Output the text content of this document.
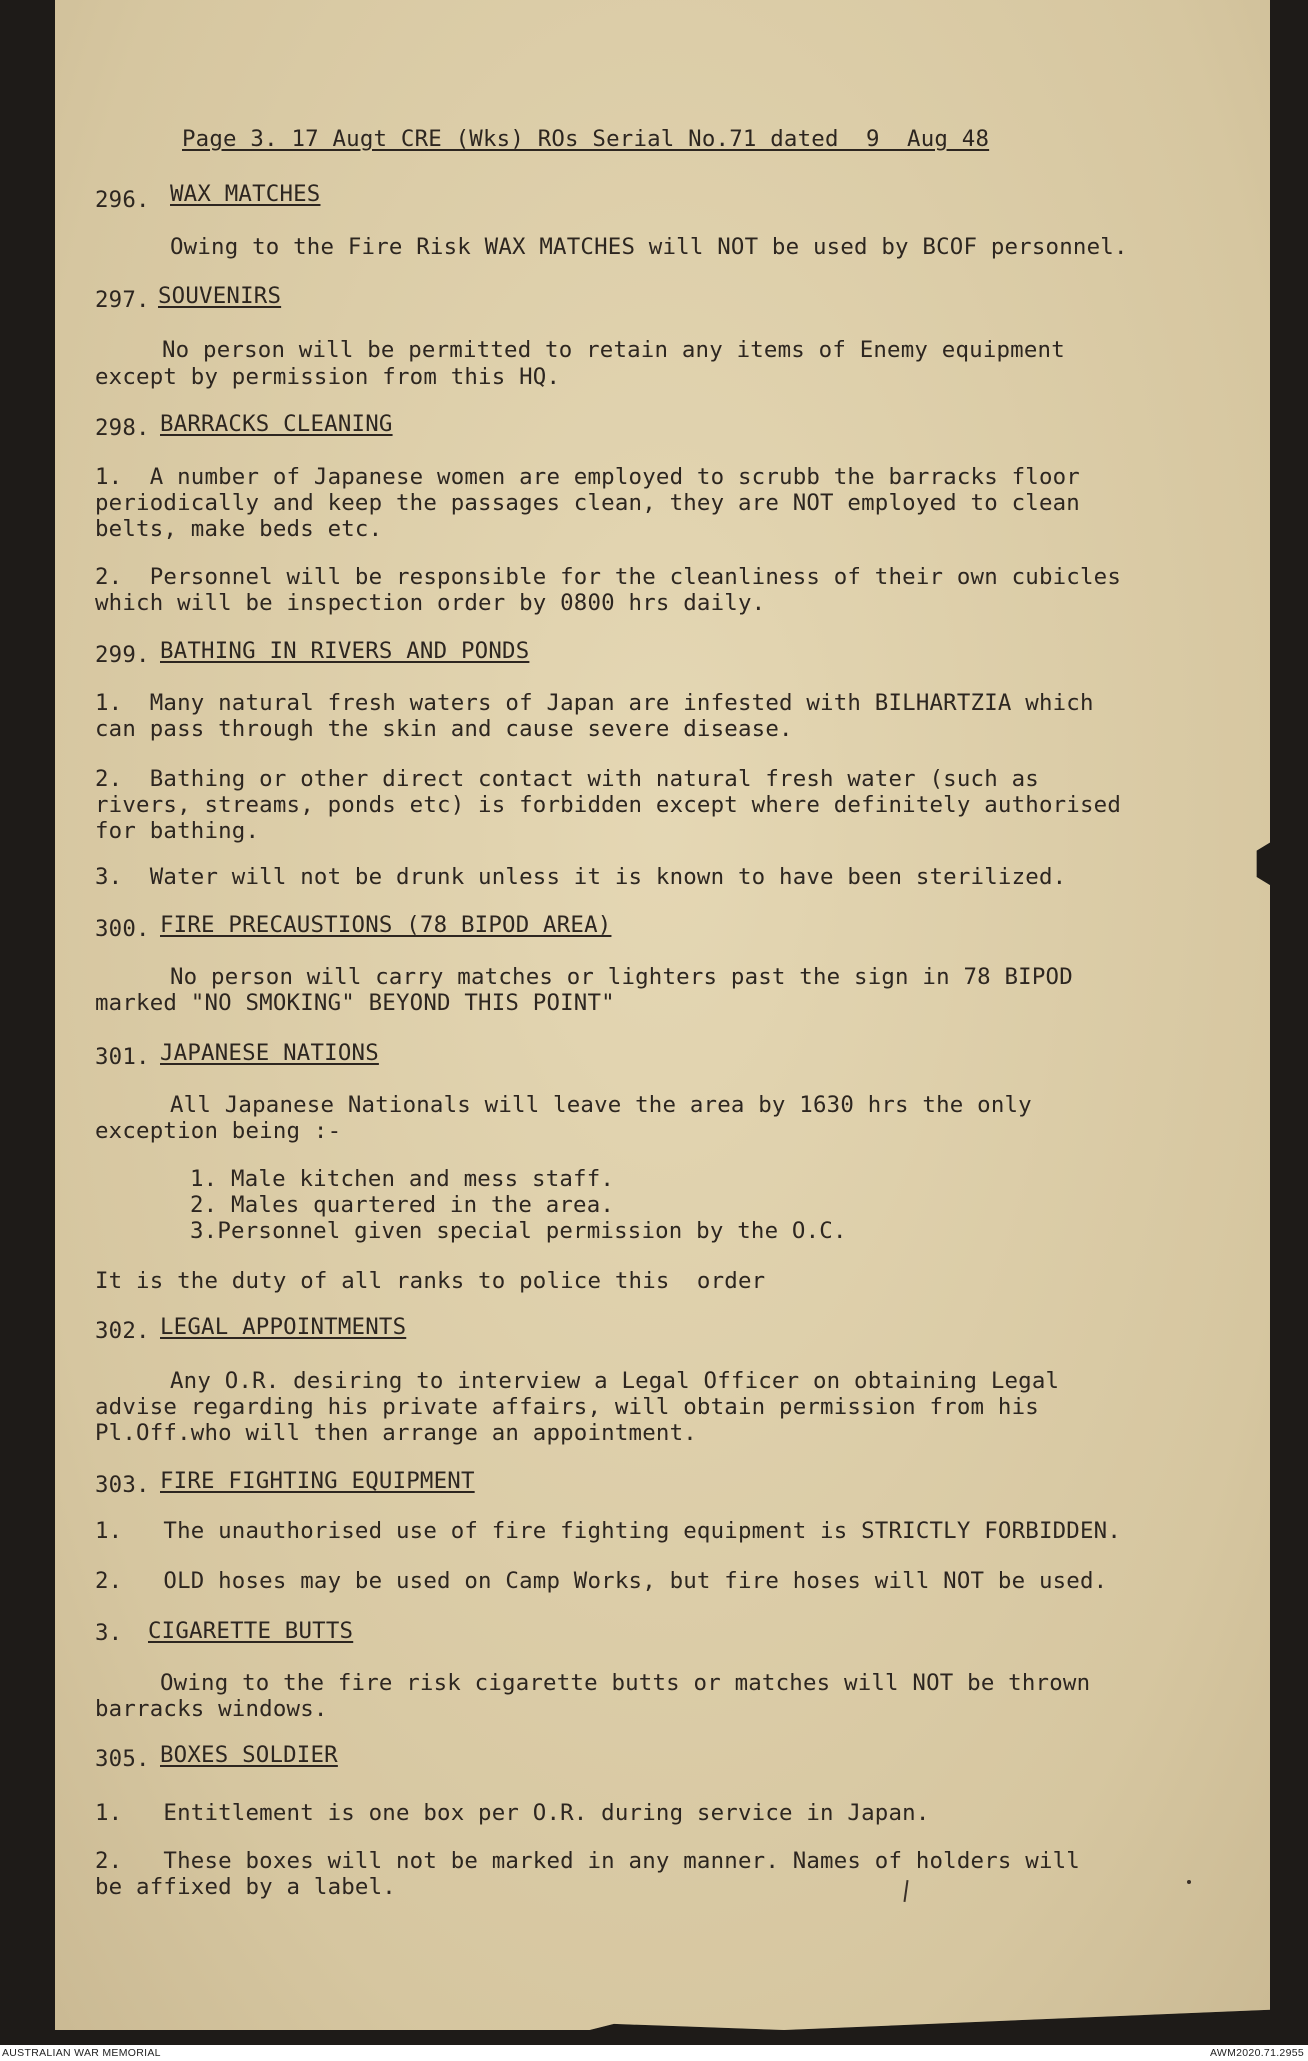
Page 3. 17 Augt CRE (Wks) ROs Serial No.71 dated  9  Aug 48

296. WAX MATCHES

Owing to the Fire Risk WAX MATCHES will NOT be used by BCOF personnel.

297. SOUVENIRS

No person will be permitted to retain any items of Enemy equipment

except by permission from this HQ.

298. BARRACKS CLEANING

1.  A number of Japanese women are employed to scrubb the barracks floor

periodically and keep the passages clean, they are NOT employed to clean

belts, make beds etc.

2.  Personnel will be responsible for the cleanliness of their own cubicles

which will be inspection order by 0800 hrs daily.

299. BATHING IN RIVERS AND PONDS

1.  Many natural fresh waters of Japan are infested with BILHARTZIA which

can pass through the skin and cause severe disease.

2.  Bathing or other direct contact with natural fresh water (such as

rivers, streams, ponds etc) is forbidden except where definitely authorised

for bathing.

3.  Water will not be drunk unless it is known to have been sterilized.

300. FIRE PRECAUSTIONS (78 BIPOD AREA)

No person will carry matches or lighters past the sign in 78 BIPOD

marked "NO SMOKING" BEYOND THIS POINT"

301. JAPANESE NATIONS

All Japanese Nationals will leave the area by 1630 hrs the only

exception being :-

1. Male kitchen and mess staff.

2. Males quartered in the area.

3.Personnel given special permission by the O.C.

It is the duty of all ranks to police this  order

302. LEGAL APPOINTMENTS

Any O.R. desiring to interview a Legal Officer on obtaining Legal

advise regarding his private affairs, will obtain permission from his

Pl.Off.who will then arrange an appointment.

303. FIRE FIGHTING EQUIPMENT

1.   The unauthorised use of fire fighting equipment is STRICTLY FORBIDDEN.

2.   OLD hoses may be used on Camp Works, but fire hoses will NOT be used.

3. CIGARETTE BUTTS

Owing to the fire risk cigarette butts or matches will NOT be thrown

barracks windows.

305. BOXES SOLDIER

1.   Entitlement is one box per O.R. during service in Japan.

2.   These boxes will not be marked in any manner. Names of holders will

be affixed by a label.

AUSTRALIAN WAR MEMORIAL	AWM2020.71.2955
